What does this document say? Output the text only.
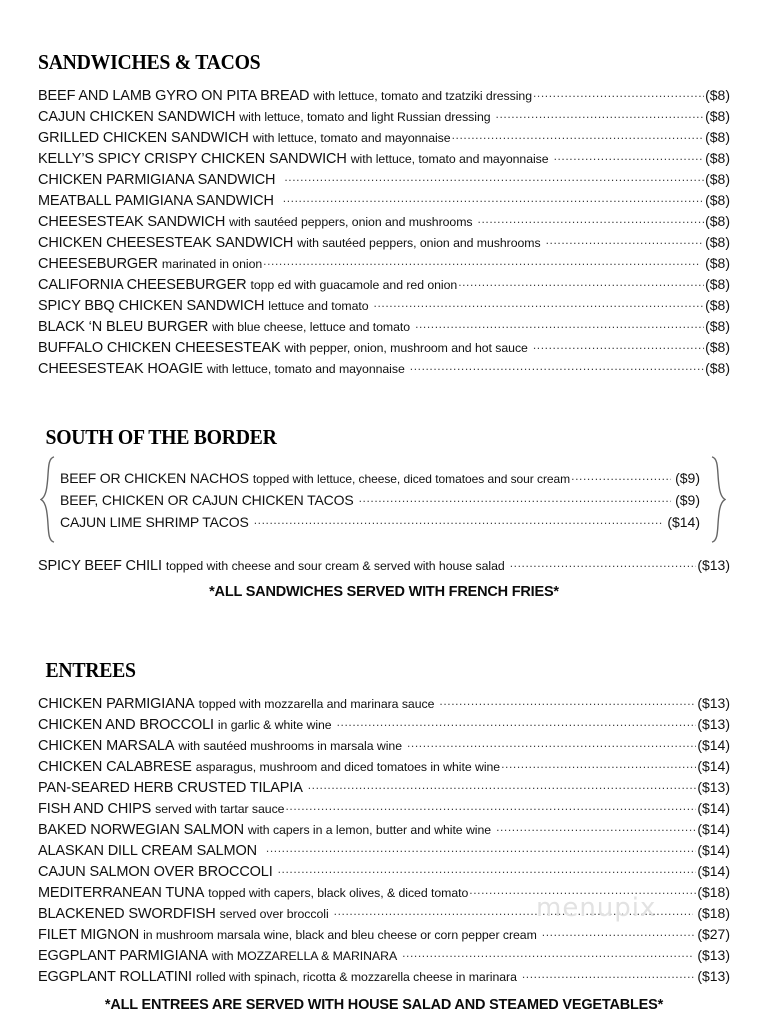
SANDWICHES & TACOS
BEEF AND LAMB GYRO ON PITA BREAD with lettuce, tomato and tzatziki dressing .....	($8)
CAJUN CHICKEN SANDWICH with lettuce, tomato and light Russian dressing .....	($8)
GRILLED CHICKEN SANDWICH with lettuce, tomato and mayonnaise .....	($8)
KELLY’S SPICY CRISPY CHICKEN SANDWICH with lettuce, tomato and mayonnaise .....	($8)
CHICKEN PARMIGIANA SANDWICH .....	($8)
MEATBALL PAMIGIANA SANDWICH .....	($8)
CHEESESTEAK SANDWICH with sautéed peppers, onion and mushrooms .....	($8)
CHICKEN CHEESESTEAK SANDWICH with sautéed peppers, onion and mushrooms .....	($8)
CHEESEBURGER marinated in onion .....	($8)
CALIFORNIA CHEESEBURGER topp ed with guacamole and red onion .....	($8)
SPICY BBQ CHICKEN SANDWICH lettuce and tomato .....	($8)
BLACK ‘N BLEU BURGER with blue cheese, lettuce and tomato .....	($8)
BUFFALO CHICKEN CHEESESTEAK with pepper, onion, mushroom and hot sauce .....	($8)
CHEESESTEAK HOAGIE with lettuce, tomato and mayonnaise .....	($8)
SOUTH OF THE BORDER
BEEF OR CHICKEN NACHOS topped with lettuce, cheese, diced tomatoes and sour cream .....	($9)
BEEF, CHICKEN OR CAJUN CHICKEN TACOS .....	($9)
CAJUN LIME SHRIMP TACOS .....	($14)
SPICY BEEF CHILI topped with cheese and sour cream & served with house salad .....	($13)
*ALL SANDWICHES SERVED WITH FRENCH FRIES*
ENTREES
CHICKEN PARMIGIANA topped with mozzarella and marinara sauce .....	($13)
CHICKEN AND BROCCOLI in garlic & white wine .....	($13)
CHICKEN MARSALA with sautéed mushrooms in marsala wine .....	($14)
CHICKEN CALABRESE asparagus, mushroom and diced tomatoes in white wine .....	($14)
PAN-SEARED HERB CRUSTED TILAPIA .....	($13)
FISH AND CHIPS served with tartar sauce .....	($14)
BAKED NORWEGIAN SALMON with capers in a lemon, butter and white wine .....	($14)
ALASKAN DILL CREAM SALMON .....	($14)
CAJUN SALMON OVER BROCCOLI .....	($14)
MEDITERRANEAN TUNA topped with capers, black olives, & diced tomato .....	($18)
BLACKENED SWORDFISH served over broccoli .....	($18)
FILET MIGNON in mushroom marsala wine, black and bleu cheese or corn pepper cream .....	($27)
EGGPLANT PARMIGIANA with MOZZARELLA & MARINARA .....	($13)
EGGPLANT ROLLATINI rolled with spinach, ricotta & mozzarella cheese in marinara .....	($13)
*ALL ENTREES ARE SERVED WITH HOUSE SALAD AND STEAMED VEGETABLES*
menupix
